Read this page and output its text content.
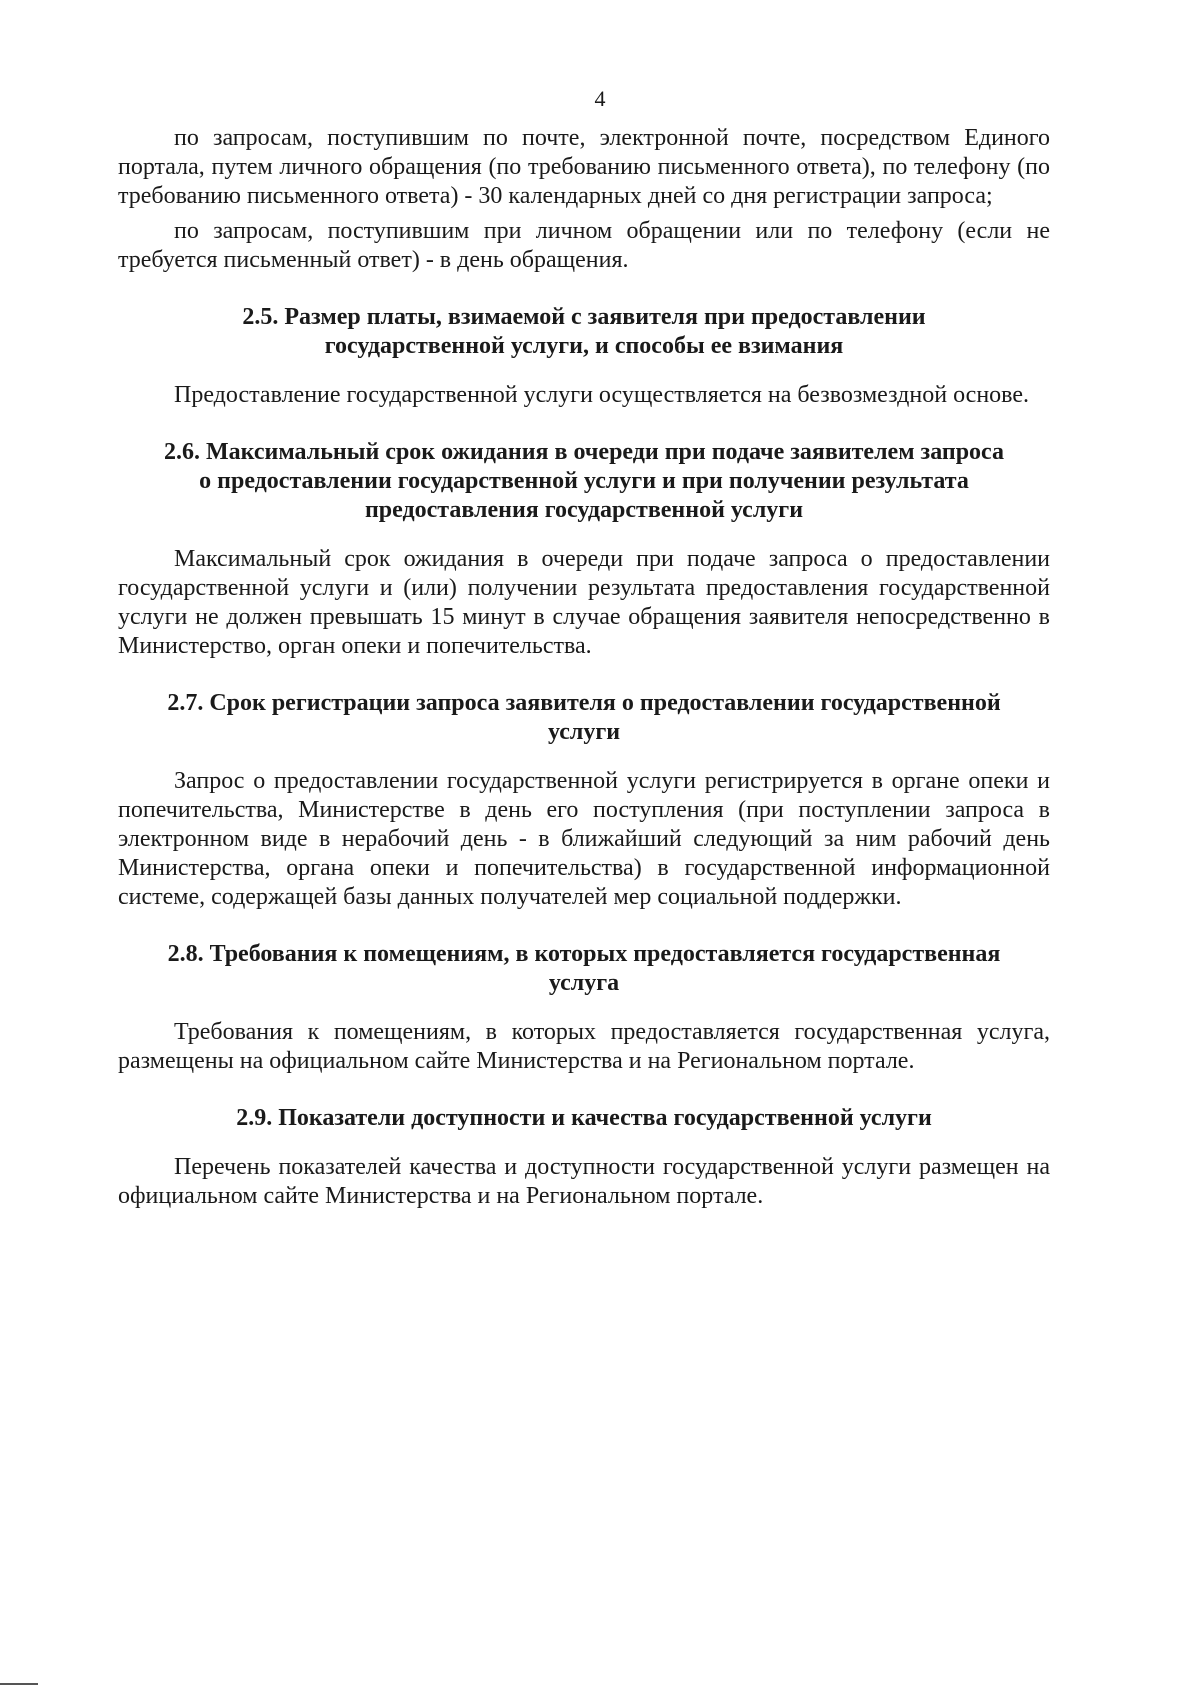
4

по запросам, поступившим по почте, электронной почте, посредством Единого портала, путем личного обращения (по требованию письменного ответа), по телефону (по требованию письменного ответа) - 30 календарных дней со дня регистрации запроса;

по запросам, поступившим при личном обращении или по телефону (если не требуется письменный ответ) - в день обращения.

2.5. Размер платы, взимаемой с заявителя при предоставлении государственной услуги, и способы ее взимания

Предоставление государственной услуги осуществляется на безвозмездной основе.

2.6. Максимальный срок ожидания в очереди при подаче заявителем запроса о предоставлении государственной услуги и при получении результата предоставления государственной услуги

Максимальный срок ожидания в очереди при подаче запроса о предоставлении государственной услуги и (или) получении результата предоставления государственной услуги не должен превышать 15 минут в случае обращения заявителя непосредственно в Министерство, орган опеки и попечительства.

2.7. Срок регистрации запроса заявителя о предоставлении государственной услуги

Запрос о предоставлении государственной услуги регистрируется в органе опеки и попечительства, Министерстве в день его поступления (при поступлении запроса в электронном виде в нерабочий день - в ближайший следующий за ним рабочий день Министерства, органа опеки и попечительства) в государственной информационной системе, содержащей базы данных получателей мер социальной поддержки.

2.8. Требования к помещениям, в которых предоставляется государственная услуга

Требования к помещениям, в которых предоставляется государственная услуга, размещены на официальном сайте Министерства и на Региональном портале.

2.9. Показатели доступности и качества государственной услуги

Перечень показателей качества и доступности государственной услуги размещен на официальном сайте Министерства и на Региональном портале.
